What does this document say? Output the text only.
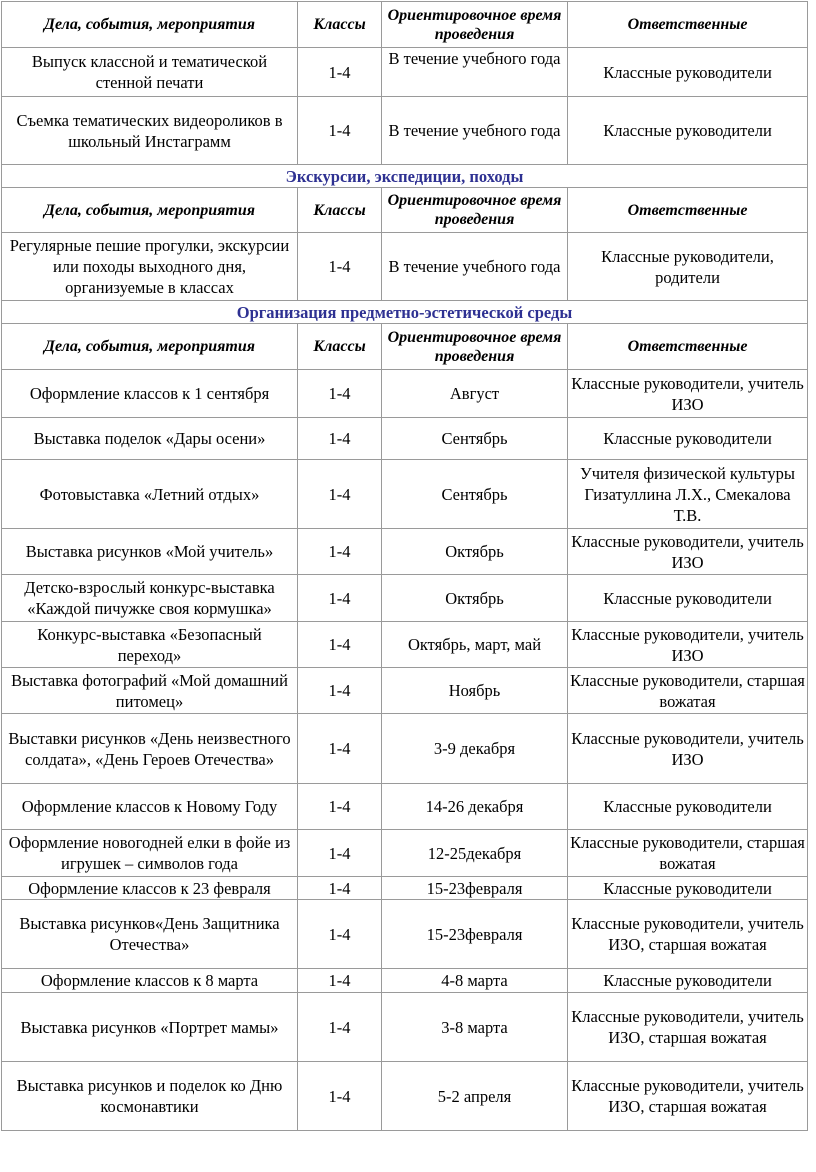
Дела, события, мероприятия	Классы	Ориентировочное время проведения	Ответственные
Выпуск классной и тематической стенной печати	1-4	В течение учебного года	Классные руководители
Съемка тематических видеороликов в школьный Инстаграмм	1-4	В течение учебного года	Классные руководители
Экскурсии, экспедиции, походы			
Дела, события, мероприятия	Классы	Ориентировочное время проведения	Ответственные
Регулярные пешие прогулки, экскурсии или походы выходного дня, организуемые в классах	1-4	В течение учебного года	Классные руководители, родители
Организация предметно-эстетической среды			
Дела, события, мероприятия	Классы	Ориентировочное время проведения	Ответственные
Оформление классов к 1 сентября	1-4	Август	Классные руководители, учитель ИЗО
Выставка поделок «Дары осени»	1-4	Сентябрь	Классные руководители
Фотовыставка «Летний отдых»	1-4	Сентябрь	Учителя физической культуры Гизатуллина Л.Х., Смекалова Т.В.
Выставка рисунков «Мой учитель»	1-4	Октябрь	Классные руководители, учитель ИЗО
Детско-взрослый конкурс-выставка «Каждой пичужке своя кормушка»	1-4	Октябрь	Классные руководители
Конкурс-выставка «Безопасный переход»	1-4	Октябрь, март, май	Классные руководители, учитель ИЗО
Выставка фотографий «Мой домашний питомец»	1-4	Ноябрь	Классные руководители, старшая вожатая
Выставки рисунков «День неизвестного солдата», «День Героев Отечества»	1-4	3-9 декабря	Классные руководители, учитель ИЗО
Оформление классов к Новому Году	1-4	14-26 декабря	Классные руководители
Оформление новогодней елки в фойе из игрушек – символов года	1-4	12-25декабря	Классные руководители, старшая вожатая
Оформление классов к 23 февраля	1-4	15-23февраля	Классные руководители
Выставка рисунков«День Защитника Отечества»	1-4	15-23февраля	Классные руководители, учитель ИЗО, старшая вожатая
Оформление классов к 8 марта	1-4	4-8 марта	Классные руководители
Выставка рисунков «Портрет мамы»	1-4	3-8 марта	Классные руководители, учитель ИЗО, старшая вожатая
Выставка рисунков и поделок ко Дню космонавтики	1-4	5-2 апреля	Классные руководители, учитель ИЗО, старшая вожатая
